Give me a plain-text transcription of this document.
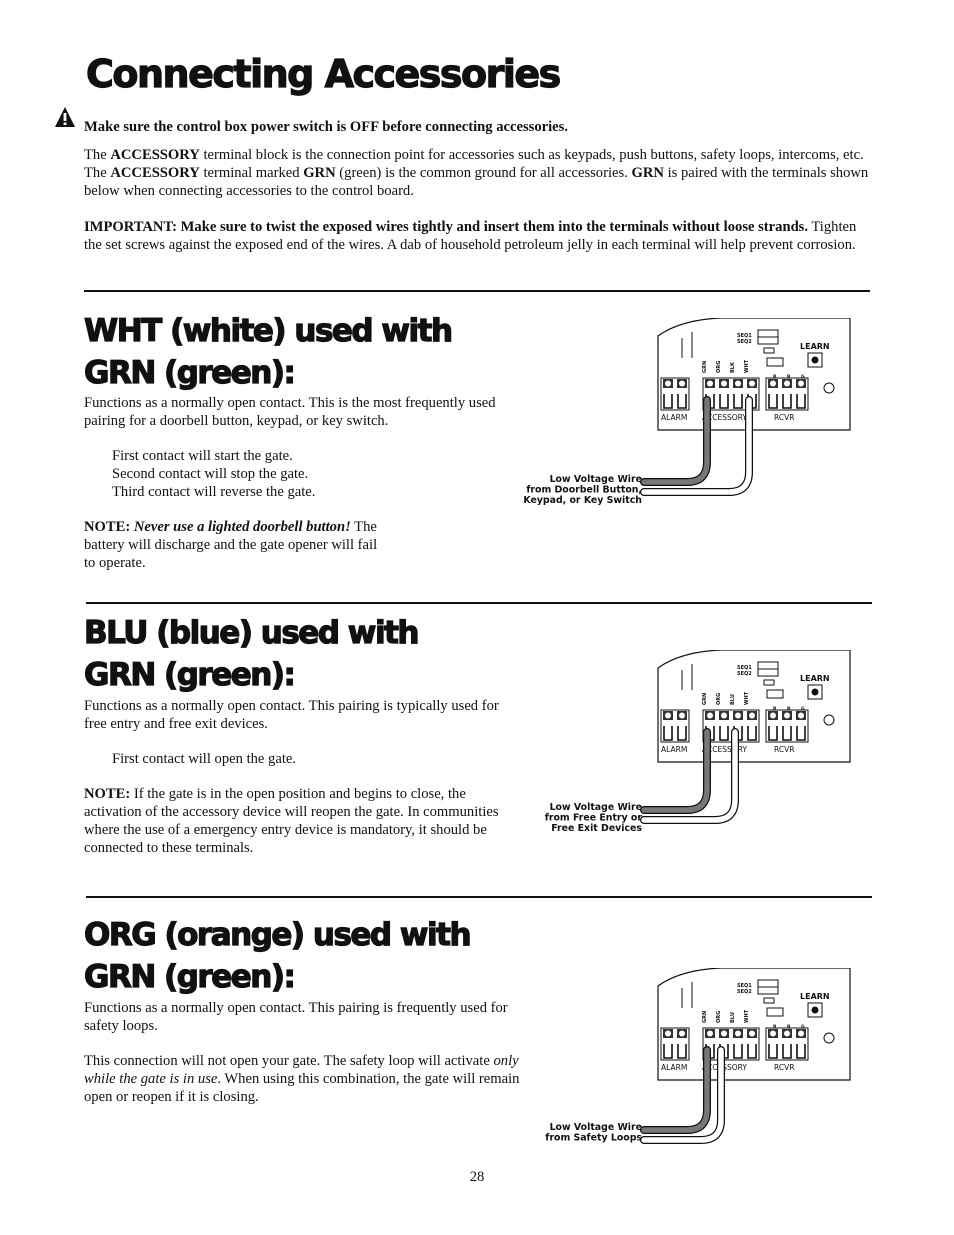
Connecting Accessories
Make sure the control box power switch is OFF before connecting accessories.
The ACCESSORY terminal block is the connection point for accessories such as keypads, push buttons, safety loops, intercoms, etc. The ACCESSORY terminal marked GRN (green) is the common ground for all accessories. GRN is paired with the terminals shown below when connecting accessories to the control board.
IMPORTANT: Make sure to twist the exposed wires tightly and insert them into the terminals without loose strands. Tighten the set screws against the exposed end of the wires. A dab of household petroleum jelly in each terminal will help prevent corrosion.
WHT (white) used with
GRN (green):
Functions as a normally open contact. This is the most frequently used pairing for a doorbell button, keypad, or key switch.
First contact will start the gate.
Second contact will stop the gate.
Third contact will reverse the gate.
NOTE: Never use a lighted doorbell button! The battery will discharge and the gate opener will fail to operate.
BLU (blue) used with
GRN (green):
Functions as a normally open contact. This pairing is typically used for free entry and free exit devices.
First contact will open the gate.
NOTE: If the gate is in the open position and begins to close, the activation of the accessory device will reopen the gate. In communities where the use of a emergency entry device is mandatory, it should be connected to these terminals.
ORG (orange) used with
GRN (green):
Functions as a normally open contact. This pairing is frequently used for safety loops.
This connection will not open your gate. The safety loop will activate only while the gate is in use. When using this combination, the gate will remain open or reopen if it is closing.
SEQ1
SEQ2	LEARN
GRN ORG BLK WHT
ALARM ACCESSORY	RCVR
Low Voltage Wire
from Doorbell Button,
Keypad, or Key Switch
SEQ1
SEQ2	LEARN
GRN ORG BLU WHT
ALARM ACCESSORY	RCVR
Low Voltage Wire
from Free Entry or
Free Exit Devices
SEQ1
SEQ2	LEARN
GRN ORG BLU WHT
ALARM ACCESSORY	RCVR
Low Voltage Wire
from Safety Loops
28
